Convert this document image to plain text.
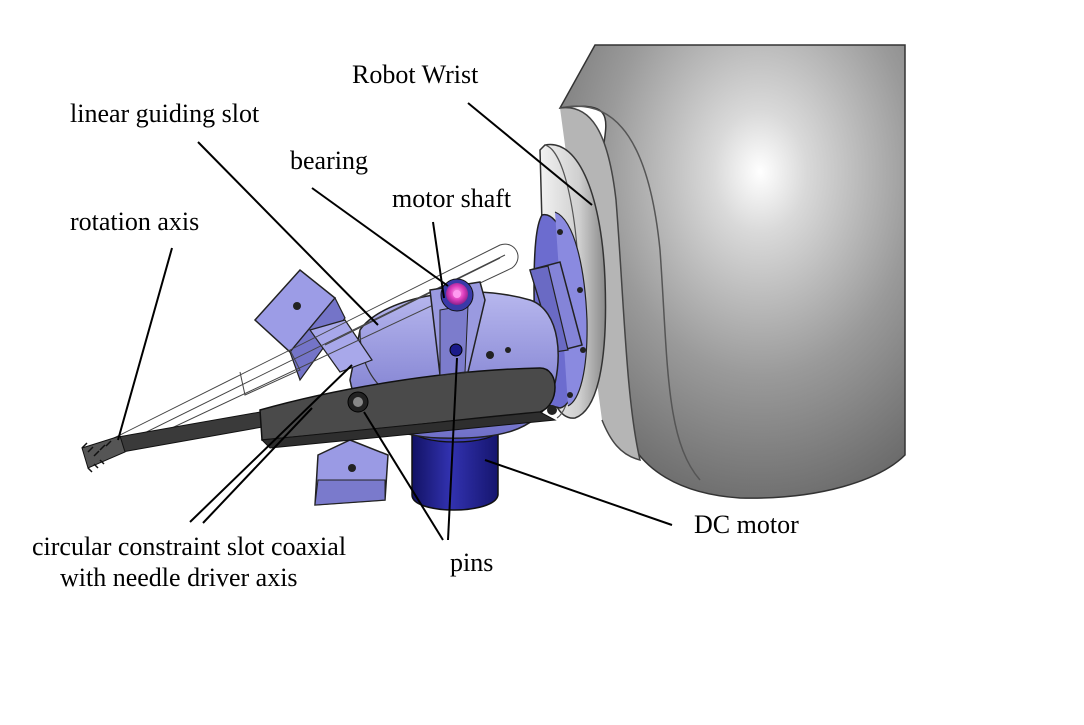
Robot Wrist
linear guiding slot
bearing
motor shaft
rotation axis
circular constraint slot coaxial
with needle driver axis
pins
DC motor
